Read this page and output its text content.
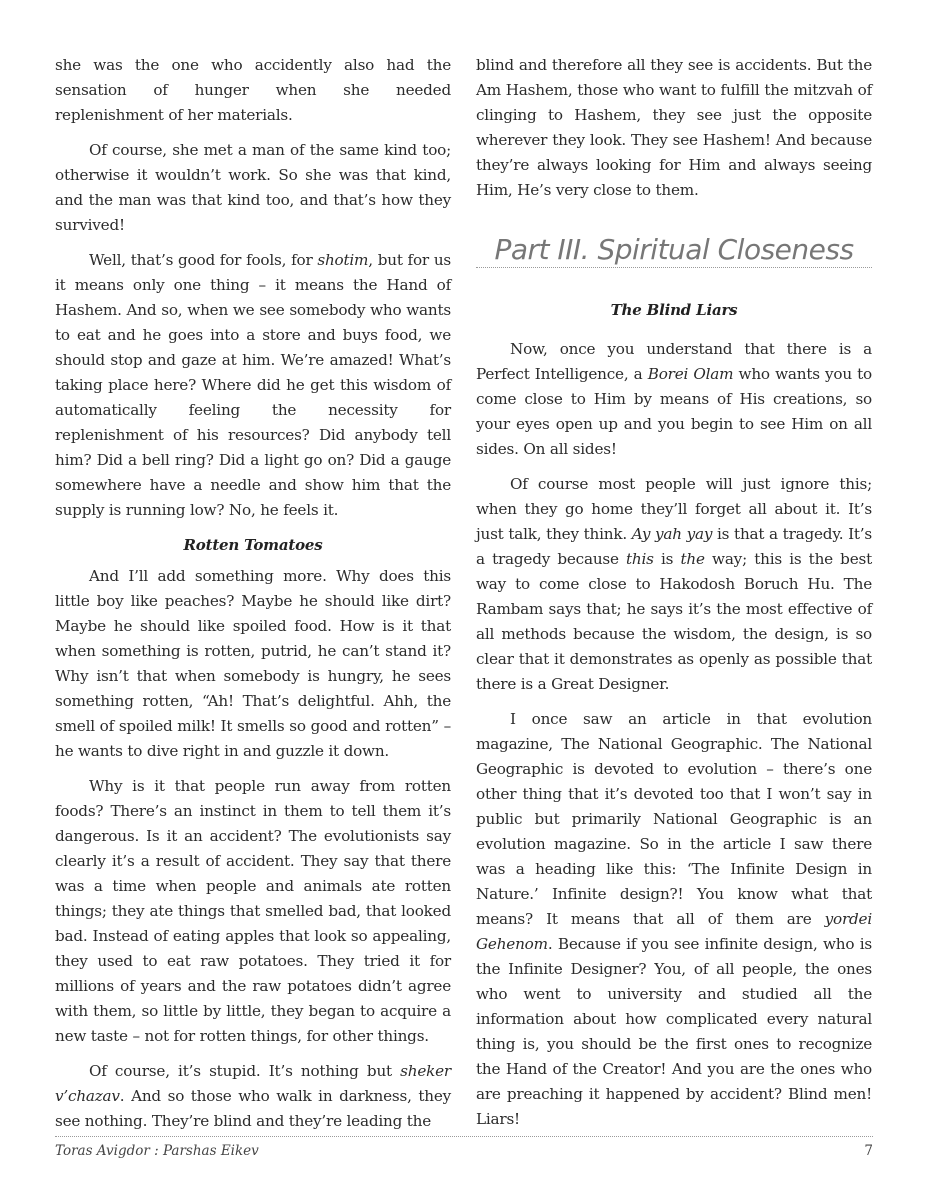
she was the one who accidently also had the sensation of hunger when she needed replenishment of her materials.

Of course, she met a man of the same kind too; otherwise it wouldn’t work. So she was that kind, and the man was that kind too, and that’s how they survived!

Well, that’s good for fools, for shotim, but for us it means only one thing – it means the Hand of Hashem. And so, when we see somebody who wants to eat and he goes into a store and buys food, we should stop and gaze at him. We’re amazed! What’s taking place here? Where did he get this wisdom of automatically feeling the necessity for replenishment of his resources? Did anybody tell him? Did a bell ring? Did a light go on? Did a gauge somewhere have a needle and show him that the supply is running low? No, he feels it.

Rotten Tomatoes

And I’ll add something more. Why does this little boy like peaches? Maybe he should like dirt? Maybe he should like spoiled food. How is it that when something is rotten, putrid, he can’t stand it? Why isn’t that when somebody is hungry, he sees something rotten, “Ah! That’s delightful. Ahh, the smell of spoiled milk! It smells so good and rotten” – he wants to dive right in and guzzle it down.

Why is it that people run away from rotten foods? There’s an instinct in them to tell them it’s dangerous. Is it an accident? The evolutionists say clearly it’s a result of accident. They say that there was a time when people and animals ate rotten things; they ate things that smelled bad, that looked bad. Instead of eating apples that look so appealing, they used to eat raw potatoes. They tried it for millions of years and the raw potatoes didn’t agree with them, so little by little, they began to acquire a new taste – not for rotten things, for other things.

Of course, it’s stupid. It’s nothing but sheker v’chazav. And so those who walk in darkness, they see nothing. They’re blind and they’re leading the

blind and therefore all they see is accidents. But the Am Hashem, those who want to fulfill the mitzvah of clinging to Hashem, they see just the opposite wherever they look. They see Hashem! And because they’re always looking for Him and always seeing Him, He’s very close to them.

Part III. Spiritual Closeness
The Blind Liars

Now, once you understand that there is a Perfect Intelligence, a Borei Olam who wants you to come close to Him by means of His creations, so your eyes open up and you begin to see Him on all sides. On all sides!

Of course most people will just ignore this; when they go home they’ll forget all about it. It’s just talk, they think. Ay yah yay is that a tragedy. It’s a tragedy because this is the way; this is the best way to come close to Hakodosh Boruch Hu. The Rambam says that; he says it’s the most effective of all methods because the wisdom, the design, is so clear that it demonstrates as openly as possible that there is a Great Designer.

I once saw an article in that evolution magazine, The National Geographic. The National Geographic is devoted to evolution – there’s one other thing that it’s devoted too that I won’t say in public but primarily National Geographic is an evolution magazine. So in the article I saw there was a heading like this: ‘The Infinite Design in Nature.’ Infinite design?! You know what that means? It means that all of them are yordei Gehenom. Because if you see infinite design, who is the Infinite Designer? You, of all people, the ones who went to university and studied all the information about how complicated every natural thing is, you should be the first ones to recognize the Hand of the Creator! And you are the ones who are preaching it happened by accident? Blind men! Liars!

Toras Avigdor : Parshas Eikev	7
